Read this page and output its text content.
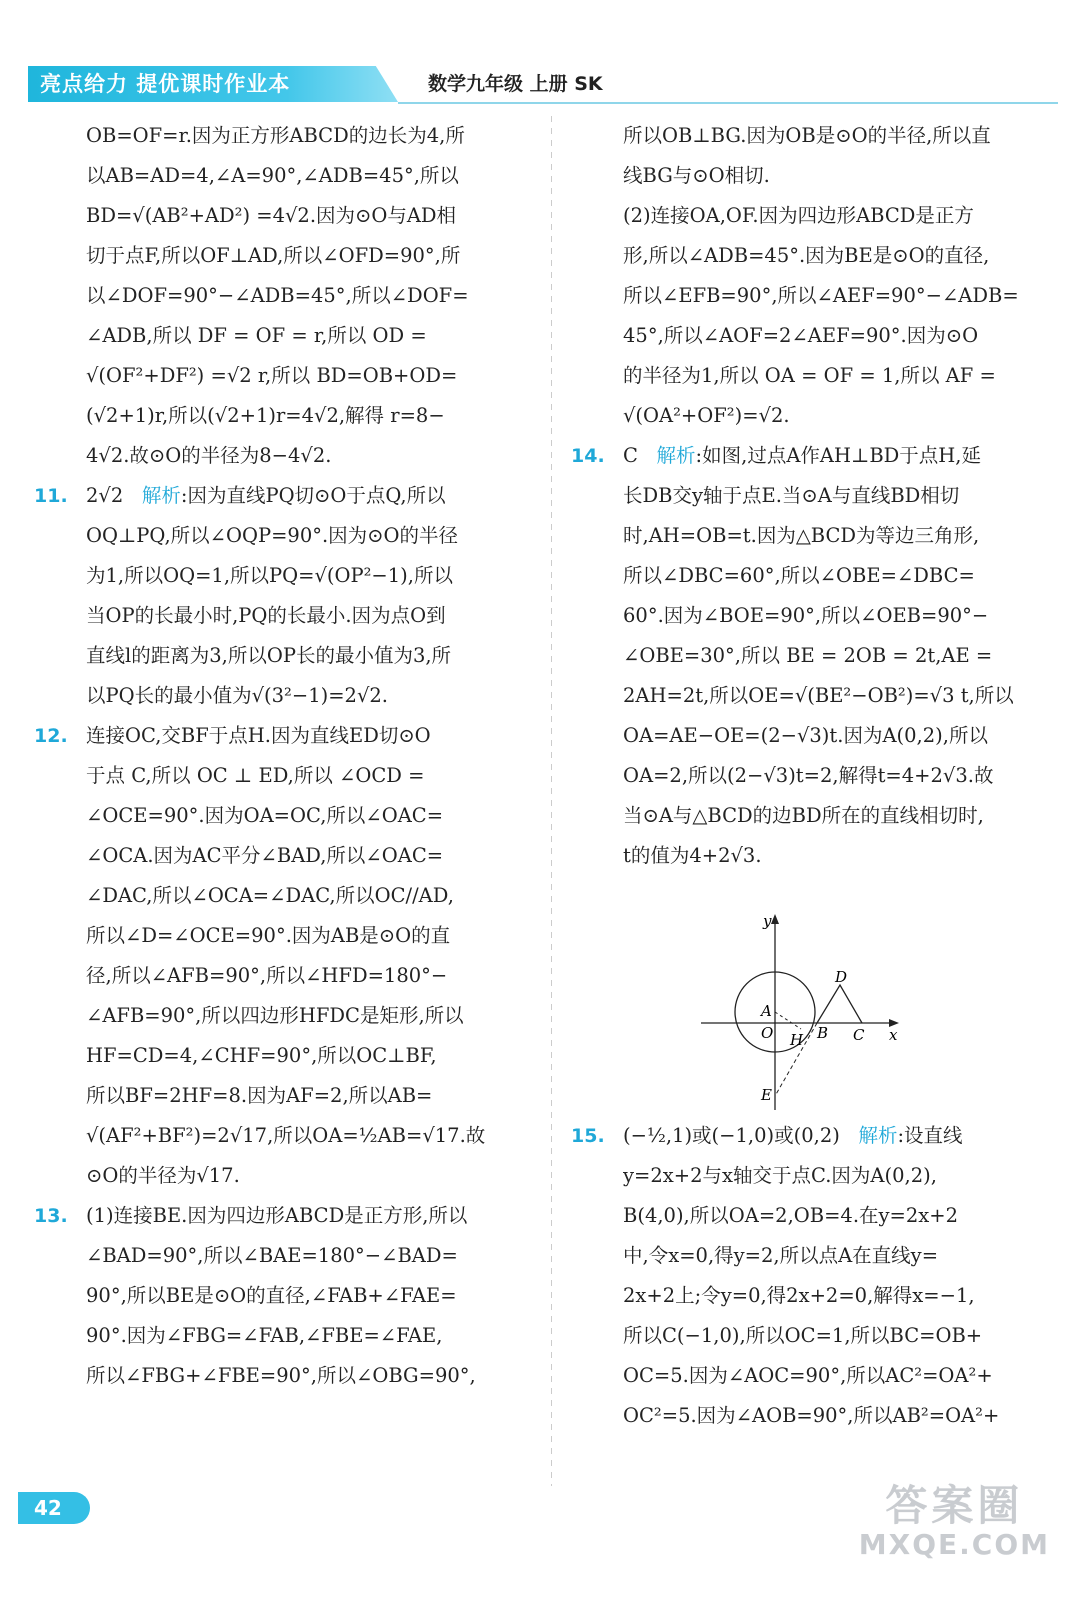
亮点给力 提优课时作业本	数学九年级 上册 SK
OB=OF=r.因为正方形ABCD的边长为4,所
以AB=AD=4,∠A=90°,∠ADB=45°,所以
BD=√(AB²+AD²) =4√2.因为⊙O与AD相
切于点F,所以OF⊥AD,所以∠OFD=90°,所
以∠DOF=90°−∠ADB=45°,所以∠DOF=
∠ADB,所以 DF = OF = r,所以 OD =
√(OF²+DF²) =√2 r,所以 BD=OB+OD=
(√2+1)r,所以(√2+1)r=4√2,解得 r=8−
4√2.故⊙O的半径为8−4√2.
11. 2√2 解析:因为直线PQ切⊙O于点Q,所以
OQ⊥PQ,所以∠OQP=90°.因为⊙O的半径
为1,所以OQ=1,所以PQ=√(OP²−1),所以
当OP的长最小时,PQ的长最小.因为点O到
直线l的距离为3,所以OP长的最小值为3,所
以PQ长的最小值为√(3²−1)=2√2.
12. 连接OC,交BF于点H.因为直线ED切⊙O
于点 C,所以 OC ⊥ ED,所以 ∠OCD =
∠OCE=90°.因为OA=OC,所以∠OAC=
∠OCA.因为AC平分∠BAD,所以∠OAC=
∠DAC,所以∠OCA=∠DAC,所以OC//AD,
所以∠D=∠OCE=90°.因为AB是⊙O的直
径,所以∠AFB=90°,所以∠HFD=180°−
∠AFB=90°,所以四边形HFDC是矩形,所以
HF=CD=4,∠CHF=90°,所以OC⊥BF,
所以BF=2HF=8.因为AF=2,所以AB=
√(AF²+BF²)=2√17,所以OA=½AB=√17.故
⊙O的半径为√17.
13. (1)连接BE.因为四边形ABCD是正方形,所以
∠BAD=90°,所以∠BAE=180°−∠BAD=
90°,所以BE是⊙O的直径,∠FAB+∠FAE=
90°.因为∠FBG=∠FAB,∠FBE=∠FAE,
所以∠FBG+∠FBE=90°,所以∠OBG=90°,
所以OB⊥BG.因为OB是⊙O的半径,所以直
线BG与⊙O相切.
(2)连接OA,OF.因为四边形ABCD是正方
形,所以∠ADB=45°.因为BE是⊙O的直径,
所以∠EFB=90°,所以∠AEF=90°−∠ADB=
45°,所以∠AOF=2∠AEF=90°.因为⊙O
的半径为1,所以 OA = OF = 1,所以 AF =
√(OA²+OF²)=√2.
14. C 解析:如图,过点A作AH⊥BD于点H,延
长DB交y轴于点E.当⊙A与直线BD相切
时,AH=OB=t.因为△BCD为等边三角形,
所以∠DBC=60°,所以∠OBE=∠DBC=
60°.因为∠BOE=90°,所以∠OEB=90°−
∠OBE=30°,所以 BE = 2OB = 2t,AE =
2AH=2t,所以OE=√(BE²−OB²)=√3 t,所以
OA=AE−OE=(2−√3)t.因为A(0,2),所以
OA=2,所以(2−√3)t=2,解得t=4+2√3.故
当⊙A与△BCD的边BD所在的直线相切时,
t的值为4+2√3.
15. (−½,1)或(−1,0)或(0,2) 解析:设直线
y=2x+2与x轴交于点C.因为A(0,2),
B(4,0),所以OA=2,OB=4.在y=2x+2
中,令x=0,得y=2,所以点A在直线y=
2x+2上;令y=0,得2x+2=0,解得x=−1,
所以C(−1,0),所以OC=1,所以BC=OB+
OC=5.因为∠AOC=90°,所以AC²=OA²+
OC²=5.因为∠AOB=90°,所以AB²=OA²+
y
x
A
O H B C
D
E
42	答案圈
MXQE.COM
